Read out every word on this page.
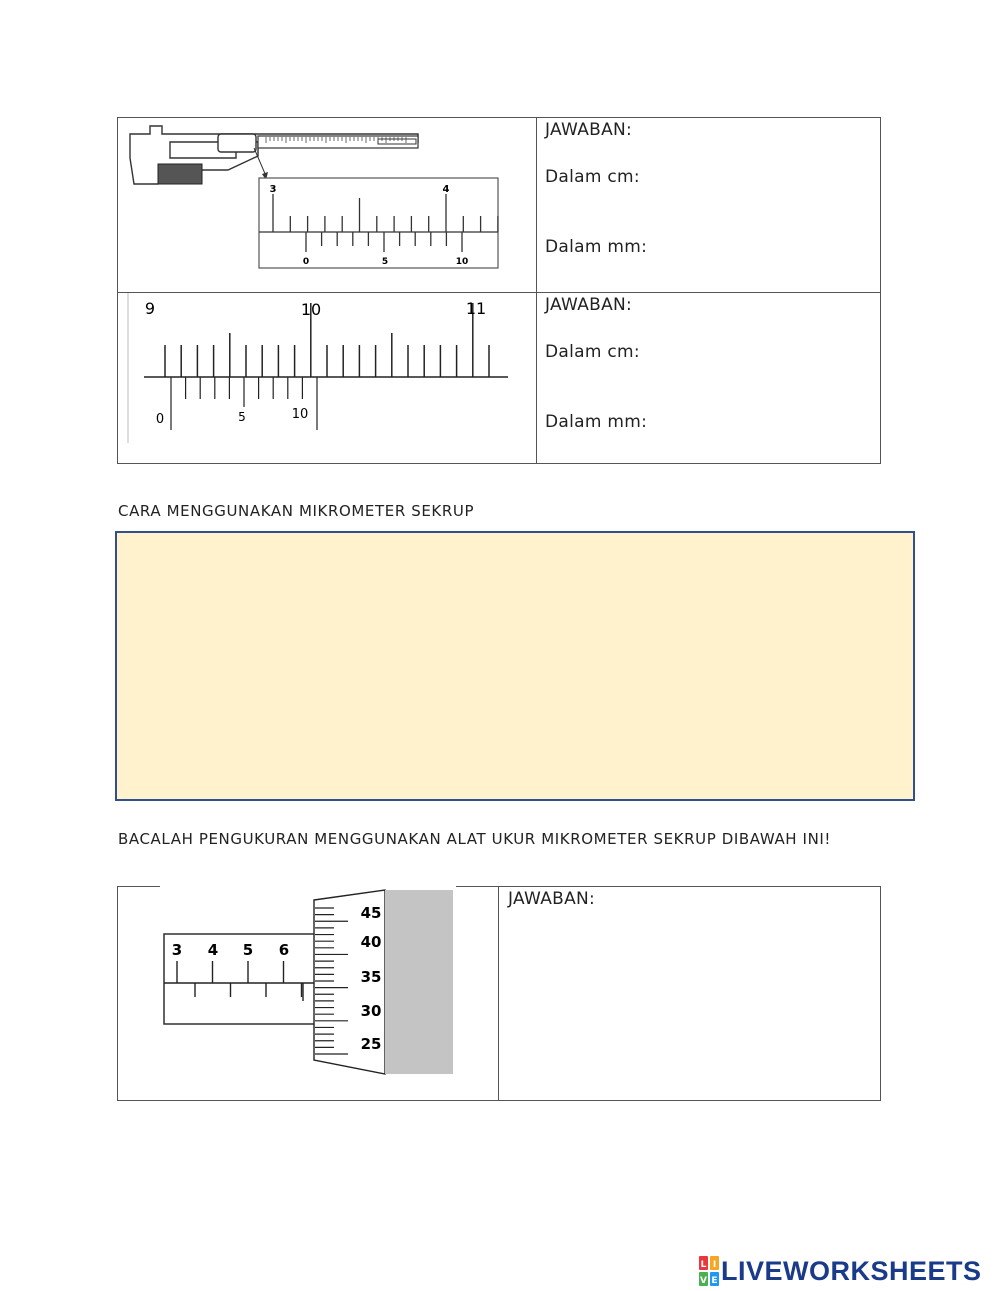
JAWABAN:
Dalam cm:
Dalam mm:
JAWABAN:
Dalam cm:
Dalam mm:
3	4
0	5	10
9	10	11
0	5	10
CARA MENGGUNAKAN MIKROMETER SEKRUP
BACALAH PENGUKURAN MENGGUNAKAN ALAT UKUR MIKROMETER SEKRUP DIBAWAH INI!
JAWABAN:
3 4 5 6
45
40
35
30
25
L I
V E LIVEWORKSHEETS
